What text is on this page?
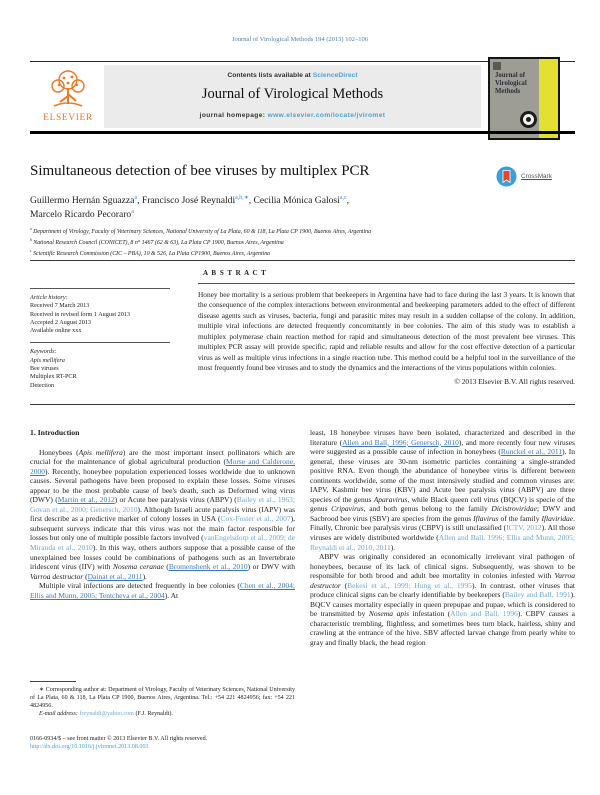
Journal of Virological Methods 194 (2013) 102–106
Contents lists available at ScienceDirect
Journal of Virological Methods
journal homepage: www.elsevier.com/locate/jviromet
ELSEVIER
Journal of
Virological
Methods
Simultaneous detection of bee viruses by multiplex PCR	CrossMark
Guillermo Hernán Sguazza$^a$, Francisco José Reynaldi$^{a,b,∗}$, Cecilia Mónica Galosi$^{a,c}$,
Marcelo Ricardo Pecoraro$^a$
$^a$ Department of Virology, Faculty of Veterinary Sciences, National University of La Plata, 60 & 118, La Plata CP 1900, Buenos Aires, Argentina
$^b$ National Research Council (CONICET), 8 n° 1467 (62 & 63), La Plata CP 1900, Buenos Aires, Argentina
$^c$ Scientific Research Commission (CIC – PBA), 10 & 526, La Plata CP1900, Buenos Aires, Argentina
Article history:
Received 7 March 2013
Received in revised form 1 August 2013
Accepted 2 August 2013
Available online xxx
Keywords:
Apis mellifera
Bee viruses
Multiplex RT-PCR
Detection
A B S T R A C T
Honey bee mortality is a serious problem that beekeepers in Argentina have had to face during the last 3 years. It is known that the consequence of the complex interactions between environmental and beekeeping parameters added to the effect of different disease agents such as viruses, bacteria, fungi and parasitic mites may result in a sudden collapse of the colony. In addition, multiple viral infections are detected frequently concomitantly in bee colonies. The aim of this study was to establish a multiplex polymerase chain reaction method for rapid and simultaneous detection of the most prevalent bee viruses. This multiplex PCR assay will provide specific, rapid and reliable results and allow for the cost effective detection of a particular virus as well as multiple virus infections in a single reaction tube. This method could be a helpful tool in the surveillance of the most frequently found bee viruses and to study the dynamics and the interactions of the virus populations within colonies.
© 2013 Elsevier B.V. All rights reserved.
1. Introduction

Honeybees (Apis mellifera) are the most important insect pollinators which are crucial for the maintenance of global agricultural production (Morse and Calderone, 2000). Recently, honeybee population experienced losses worldwide due to unknown causes. Several pathogens have been proposed to explain these losses. Some viruses appear to be the most probable cause of bee's death, such as Deformed wing virus (DWV) (Martin et al., 2012) or Acute bee paralysis virus (ABPV) (Bailey et al., 1963; Govan et al., 2000; Genersch, 2010). Although Israeli acute paralysis virus (IAPV) was first describe as a predictive marker of colony losses in USA (Cox-Foster et al., 2007), subsequent surveys indicate that this virus was not the main factor responsible for losses but only one of multiple possible factors involved (vanEngelsdorp et al., 2009; de Miranda et al., 2010). In this way, others authors suppose that a possible cause of the unexplained bee losses could be combinations of pathogens such as an Invertebrate iridescent virus (IIV) with Nosema ceranae (Bromenshenk et al., 2010) or DWV with Varroa destructor (Dainat et al., 2011).

Multiple viral infections are detected frequently in bee colonies (Chen et al., 2004; Ellis and Munn, 2005; Tentcheva et al., 2004). At

least, 18 honeybee viruses have been isolated, characterized and described in the literature (Allen and Ball, 1996; Genersch, 2010), and more recently four new viruses were suggested as a possible cause of infection in honeybees (Runckel et al., 2011). In general, these viruses are 30-nm isometric particles containing a single-stranded positive RNA. Even though the abundance of honeybee virus is different between continents worldwide, some of the most intensively studied and common viruses are: IAPV, Kashmir bee virus (KBV) and Acute bee paralysis virus (ABPV) are three species of the genus Aparavirus, while Black queen cell virus (BQCV) is specie of the genus Cripavirus, and both genus belong to the family Dicistroviridae; DWV and Sacbrood bee virus (SBV) are species from the genus Iflavirus of the family Iflaviridae. Finally, Chronic bee paralysis virus (CBPV) is still unclassified (ICTV, 2012). All those viruses are widely distributed worldwide (Allen and Ball, 1996; Ellis and Munn, 2005; Reynaldi et al., 2010, 2011).

ABPV was originally considered an economically irrelevant viral pathogen of honeybees, because of its lack of clinical signs. Subsequently, was shown to be responsible for both brood and adult bee mortality in colonies infested with Varroa destructor (Bekesi et al., 1999; Hung et al., 1995). In contrast, other viruses that produce clinical signs can be clearly identifiable by beekeepers (Bailey and Ball, 1991). BQCV causes mortality especially in queen prepupae and pupae, which is considered to be transmitted by Nosema apis infestation (Allen and Ball, 1996). CBPV causes a characteristic trembling, flightless, and sometimes bees turn black, hairless, shiny and crawling at the entrance of the hive. SBV affected larvae change from pearly white to gray and finally black, the head region

∗ Corresponding author at: Department of Virology, Faculty of Veterinary Sciences, National University of La Plata, 60 & 118, La Plata CP 1900, Buenos Aires, Argentina. Tel.: +54 221 4824956; fax: +54 221 4824956.

E-mail address: freynaldi@yahoo.com (F.J. Reynaldi).

0166-0934/$ – see front matter © 2013 Elsevier B.V. All rights reserved.
http://dx.doi.org/10.1016/j.jviromet.2013.08.003
